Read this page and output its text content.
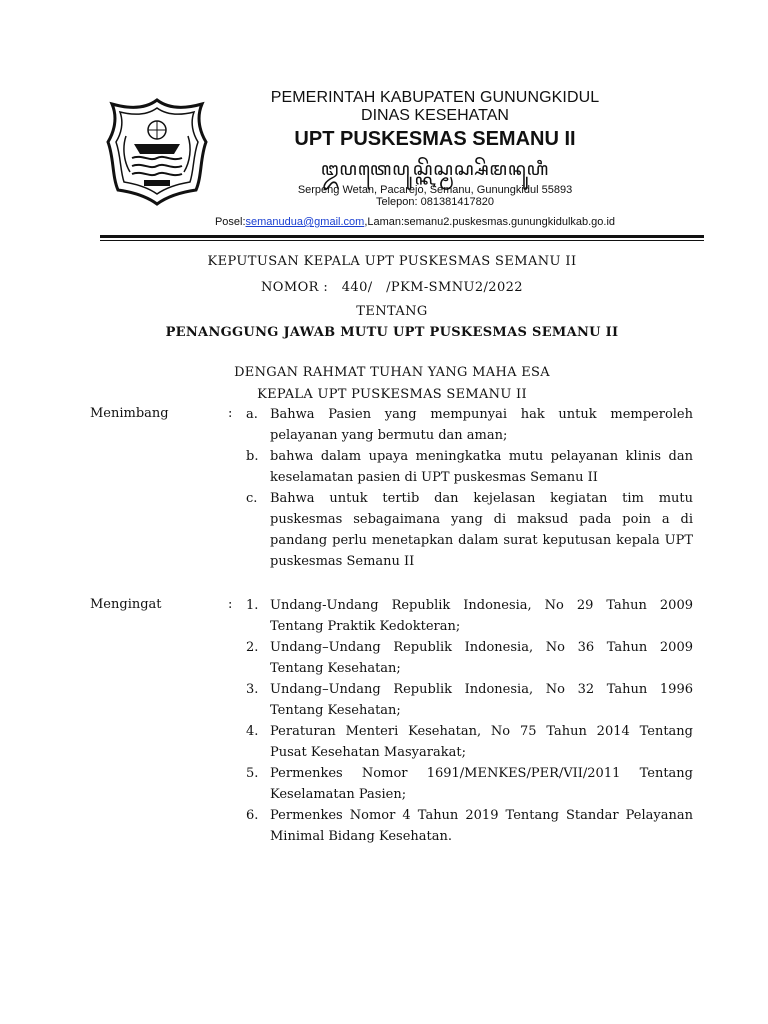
PEMERINTAH KABUPATEN GUNUNGKIDUL
DINAS KESEHATAN
UPT PUSKESMAS SEMANU II
ꦈꦥꦠꦺꦥꦸꦱ꧀ꦏꦼꦱ꧀ꦩꦱ꧀ꦱꦼꦩꦤꦸꦲꦶ
Serpeng Wetan, Pacarejo, Semanu, Gunungkidul 55893
Telepon: 081381417820
Posel:semanudua@gmail.com,Laman:semanu2.puskesmas.gunungkidulkab.go.id
KEPUTUSAN KEPALA UPT PUSKESMAS SEMANU II
NOMOR : 440/   /PKM-SMNU2/2022
TENTANG
PENANGGUNG JAWAB MUTU UPT PUSKESMAS SEMANU II
DENGAN RAHMAT TUHAN YANG MAHA ESA
KEPALA UPT PUSKESMAS SEMANU II
Menimbang	: a. Bahwa Pasien yang mempunyai hak untuk memperoleh pelayanan yang bermutu dan aman;
b. bahwa dalam upaya meningkatka mutu pelayanan klinis dan keselamatan pasien di UPT puskesmas Semanu II
c. Bahwa untuk tertib dan kejelasan kegiatan tim mutu puskesmas sebagaimana yang di maksud pada poin a di pandang perlu menetapkan dalam surat keputusan kepala UPT puskesmas Semanu II
Mengingat	: 1. Undang-Undang Republik Indonesia, No 29 Tahun 2009 Tentang Praktik Kedokteran;
2. Undang–Undang Republik Indonesia, No 36 Tahun 2009 Tentang Kesehatan;
3. Undang–Undang Republik Indonesia, No 32 Tahun 1996 Tentang Kesehatan;
4. Peraturan Menteri Kesehatan, No 75 Tahun 2014 Tentang Pusat Kesehatan Masyarakat;
5. Permenkes Nomor 1691/MENKES/PER/VII/2011 Tentang Keselamatan Pasien;
6. Permenkes Nomor 4 Tahun 2019 Tentang Standar Pelayanan Minimal Bidang Kesehatan.
